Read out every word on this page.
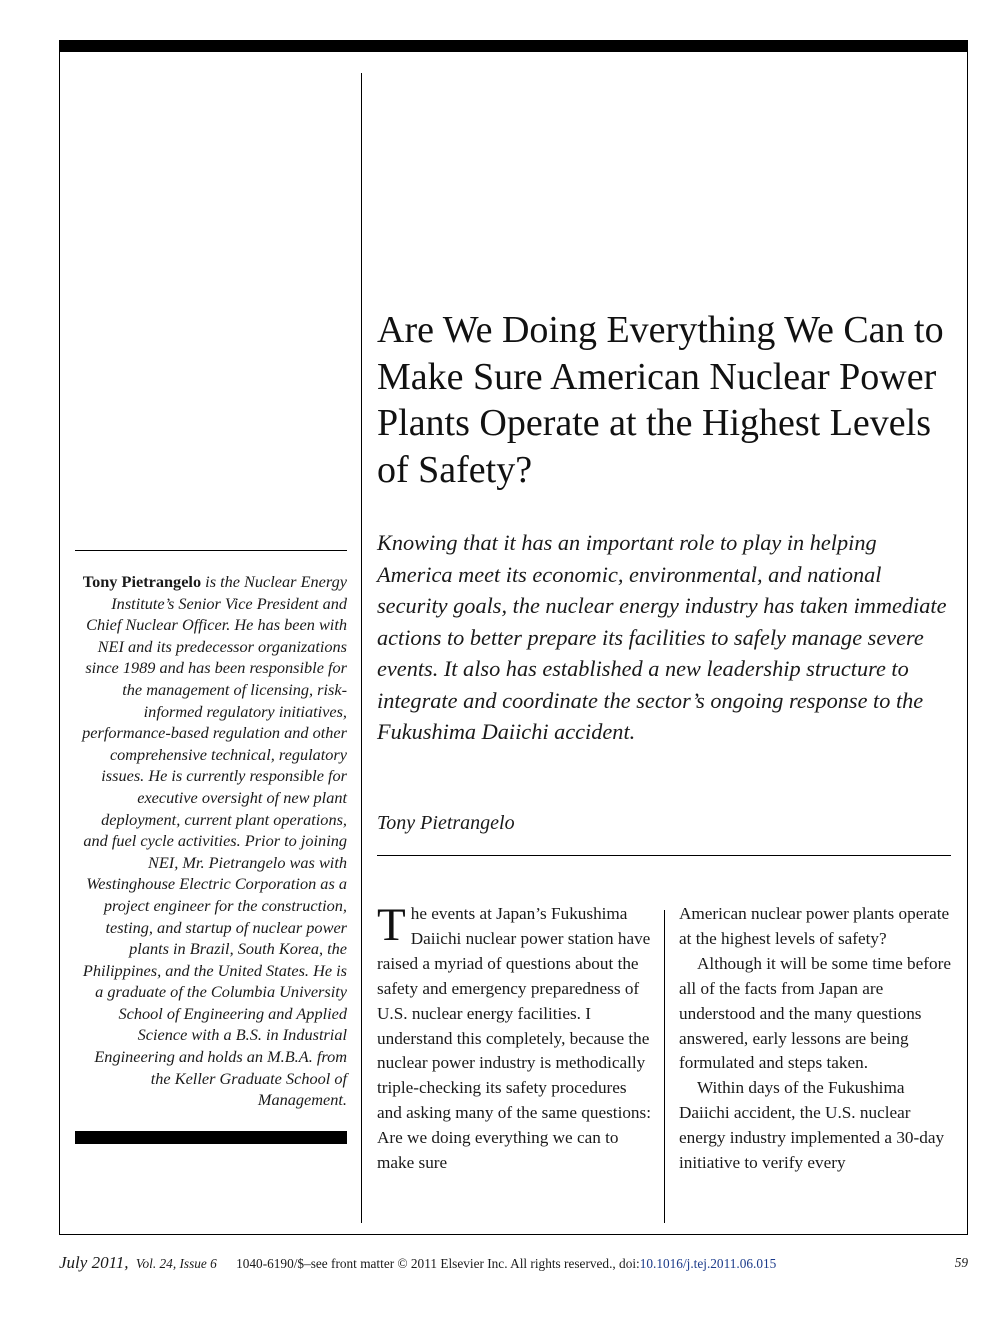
Tony Pietrangelo is the Nuclear Energy Institute’s Senior Vice President and Chief Nuclear Officer. He has been with NEI and its predecessor organizations since 1989 and has been responsible for the management of licensing, risk-informed regulatory initiatives, performance-based regulation and other comprehensive technical, regulatory issues. He is currently responsible for executive oversight of new plant deployment, current plant operations, and fuel cycle activities. Prior to joining NEI, Mr. Pietrangelo was with Westinghouse Electric Corporation as a project engineer for the construction, testing, and startup of nuclear power plants in Brazil, South Korea, the Philippines, and the United States. He is a graduate of the Columbia University School of Engineering and Applied Science with a B.S. in Industrial Engineering and holds an M.B.A. from the Keller Graduate School of Management.

Are We Doing Everything We Can to Make Sure American Nuclear Power Plants Operate at the Highest Levels of Safety?

Knowing that it has an important role to play in helping America meet its economic, environmental, and national security goals, the nuclear energy industry has taken immediate actions to better prepare its facilities to safely manage severe events. It also has established a new leadership structure to integrate and coordinate the sector’s ongoing response to the Fukushima Daiichi accident.

Tony Pietrangelo

The events at Japan’s Fukushima Daiichi nuclear power station have raised a myriad of questions about the safety and emergency preparedness of U.S. nuclear energy facilities. I understand this completely, because the nuclear power industry is methodically triple-checking its safety procedures and asking many of the same questions: Are we doing everything we can to make sure

American nuclear power plants operate at the highest levels of safety?

Although it will be some time before all of the facts from Japan are understood and the many questions answered, early lessons are being formulated and steps taken.

Within days of the Fukushima Daiichi accident, the U.S. nuclear energy industry implemented a 30-day initiative to verify every

July 2011, Vol. 24, Issue 6 1040-6190/$–see front matter © 2011 Elsevier Inc. All rights reserved., doi:10.1016/j.tej.2011.06.015	59
